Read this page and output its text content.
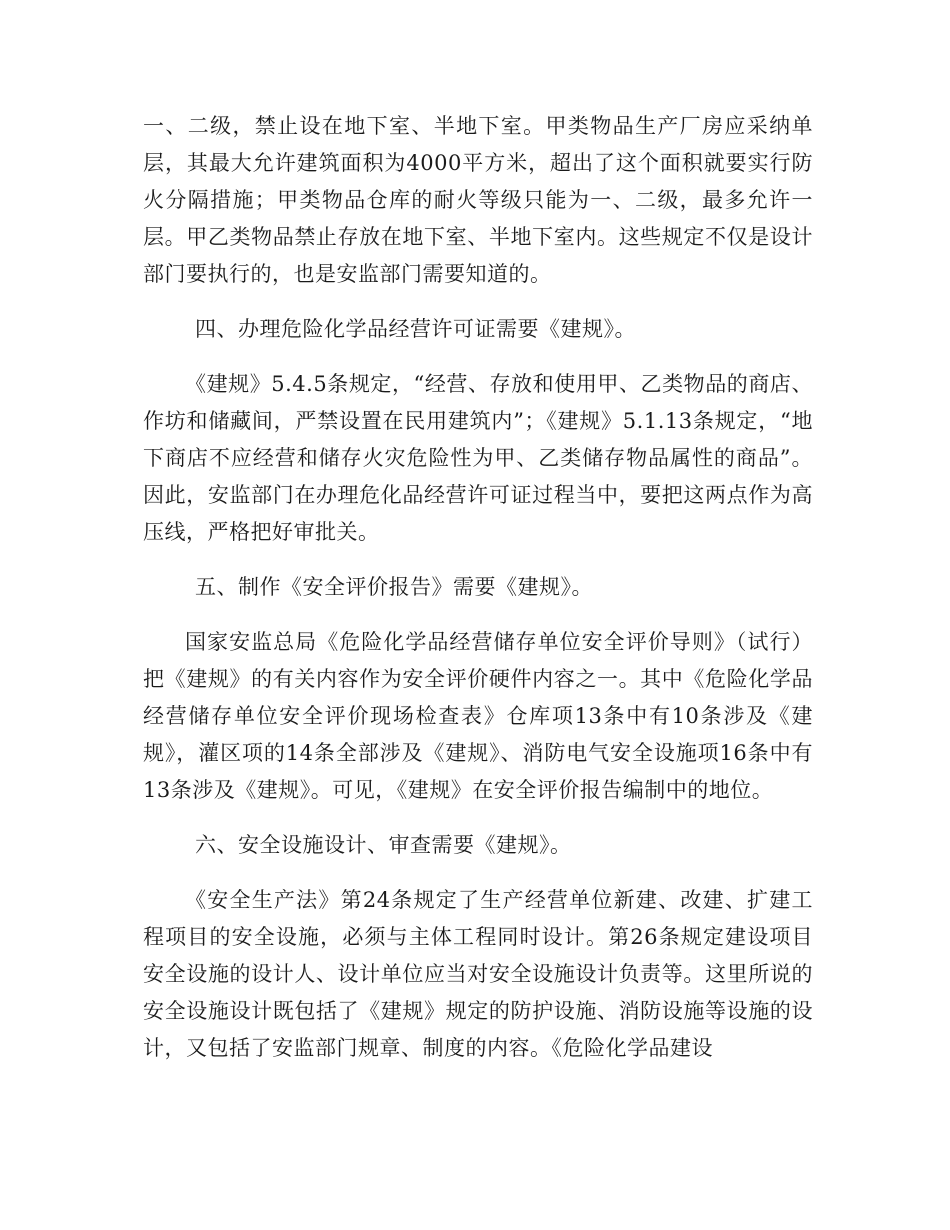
一、二级，禁止设在地下室、半地下室。甲类物品生产厂房应采纳单层，其最大允许建筑面积为4000平方米，超出了这个面积就要实行防火分隔措施；甲类物品仓库的耐火等级只能为一、二级，最多允许一层。甲乙类物品禁止存放在地下室、半地下室内。这些规定不仅是设计部门要执行的，也是安监部门需要知道的。

四、办理危险化学品经营许可证需要《建规》。

《建规》5.4.5条规定，“经营、存放和使用甲、乙类物品的商店、作坊和储藏间，严禁设置在民用建筑内”；《建规》5.1.13条规定，“地下商店不应经营和储存火灾危险性为甲、乙类储存物品属性的商品”。因此，安监部门在办理危化品经营许可证过程当中，要把这两点作为高压线，严格把好审批关。

五、制作《安全评价报告》需要《建规》。

国家安监总局《危险化学品经营储存单位安全评价导则》（试行）把《建规》的有关内容作为安全评价硬件内容之一。其中《危险化学品经营储存单位安全评价现场检查表》仓库项13条中有10条涉及《建规》，灌区项的14条全部涉及《建规》、消防电气安全设施项16条中有13条涉及《建规》。可见，《建规》在安全评价报告编制中的地位。

六、安全设施设计、审查需要《建规》。

《安全生产法》第24条规定了生产经营单位新建、改建、扩建工程项目的安全设施，必须与主体工程同时设计。第26条规定建设项目安全设施的设计人、设计单位应当对安全设施设计负责等。这里所说的安全设施设计既包括了《建规》规定的防护设施、消防设施等设施的设计，又包括了安监部门规章、制度的内容。《危险化学品建设
